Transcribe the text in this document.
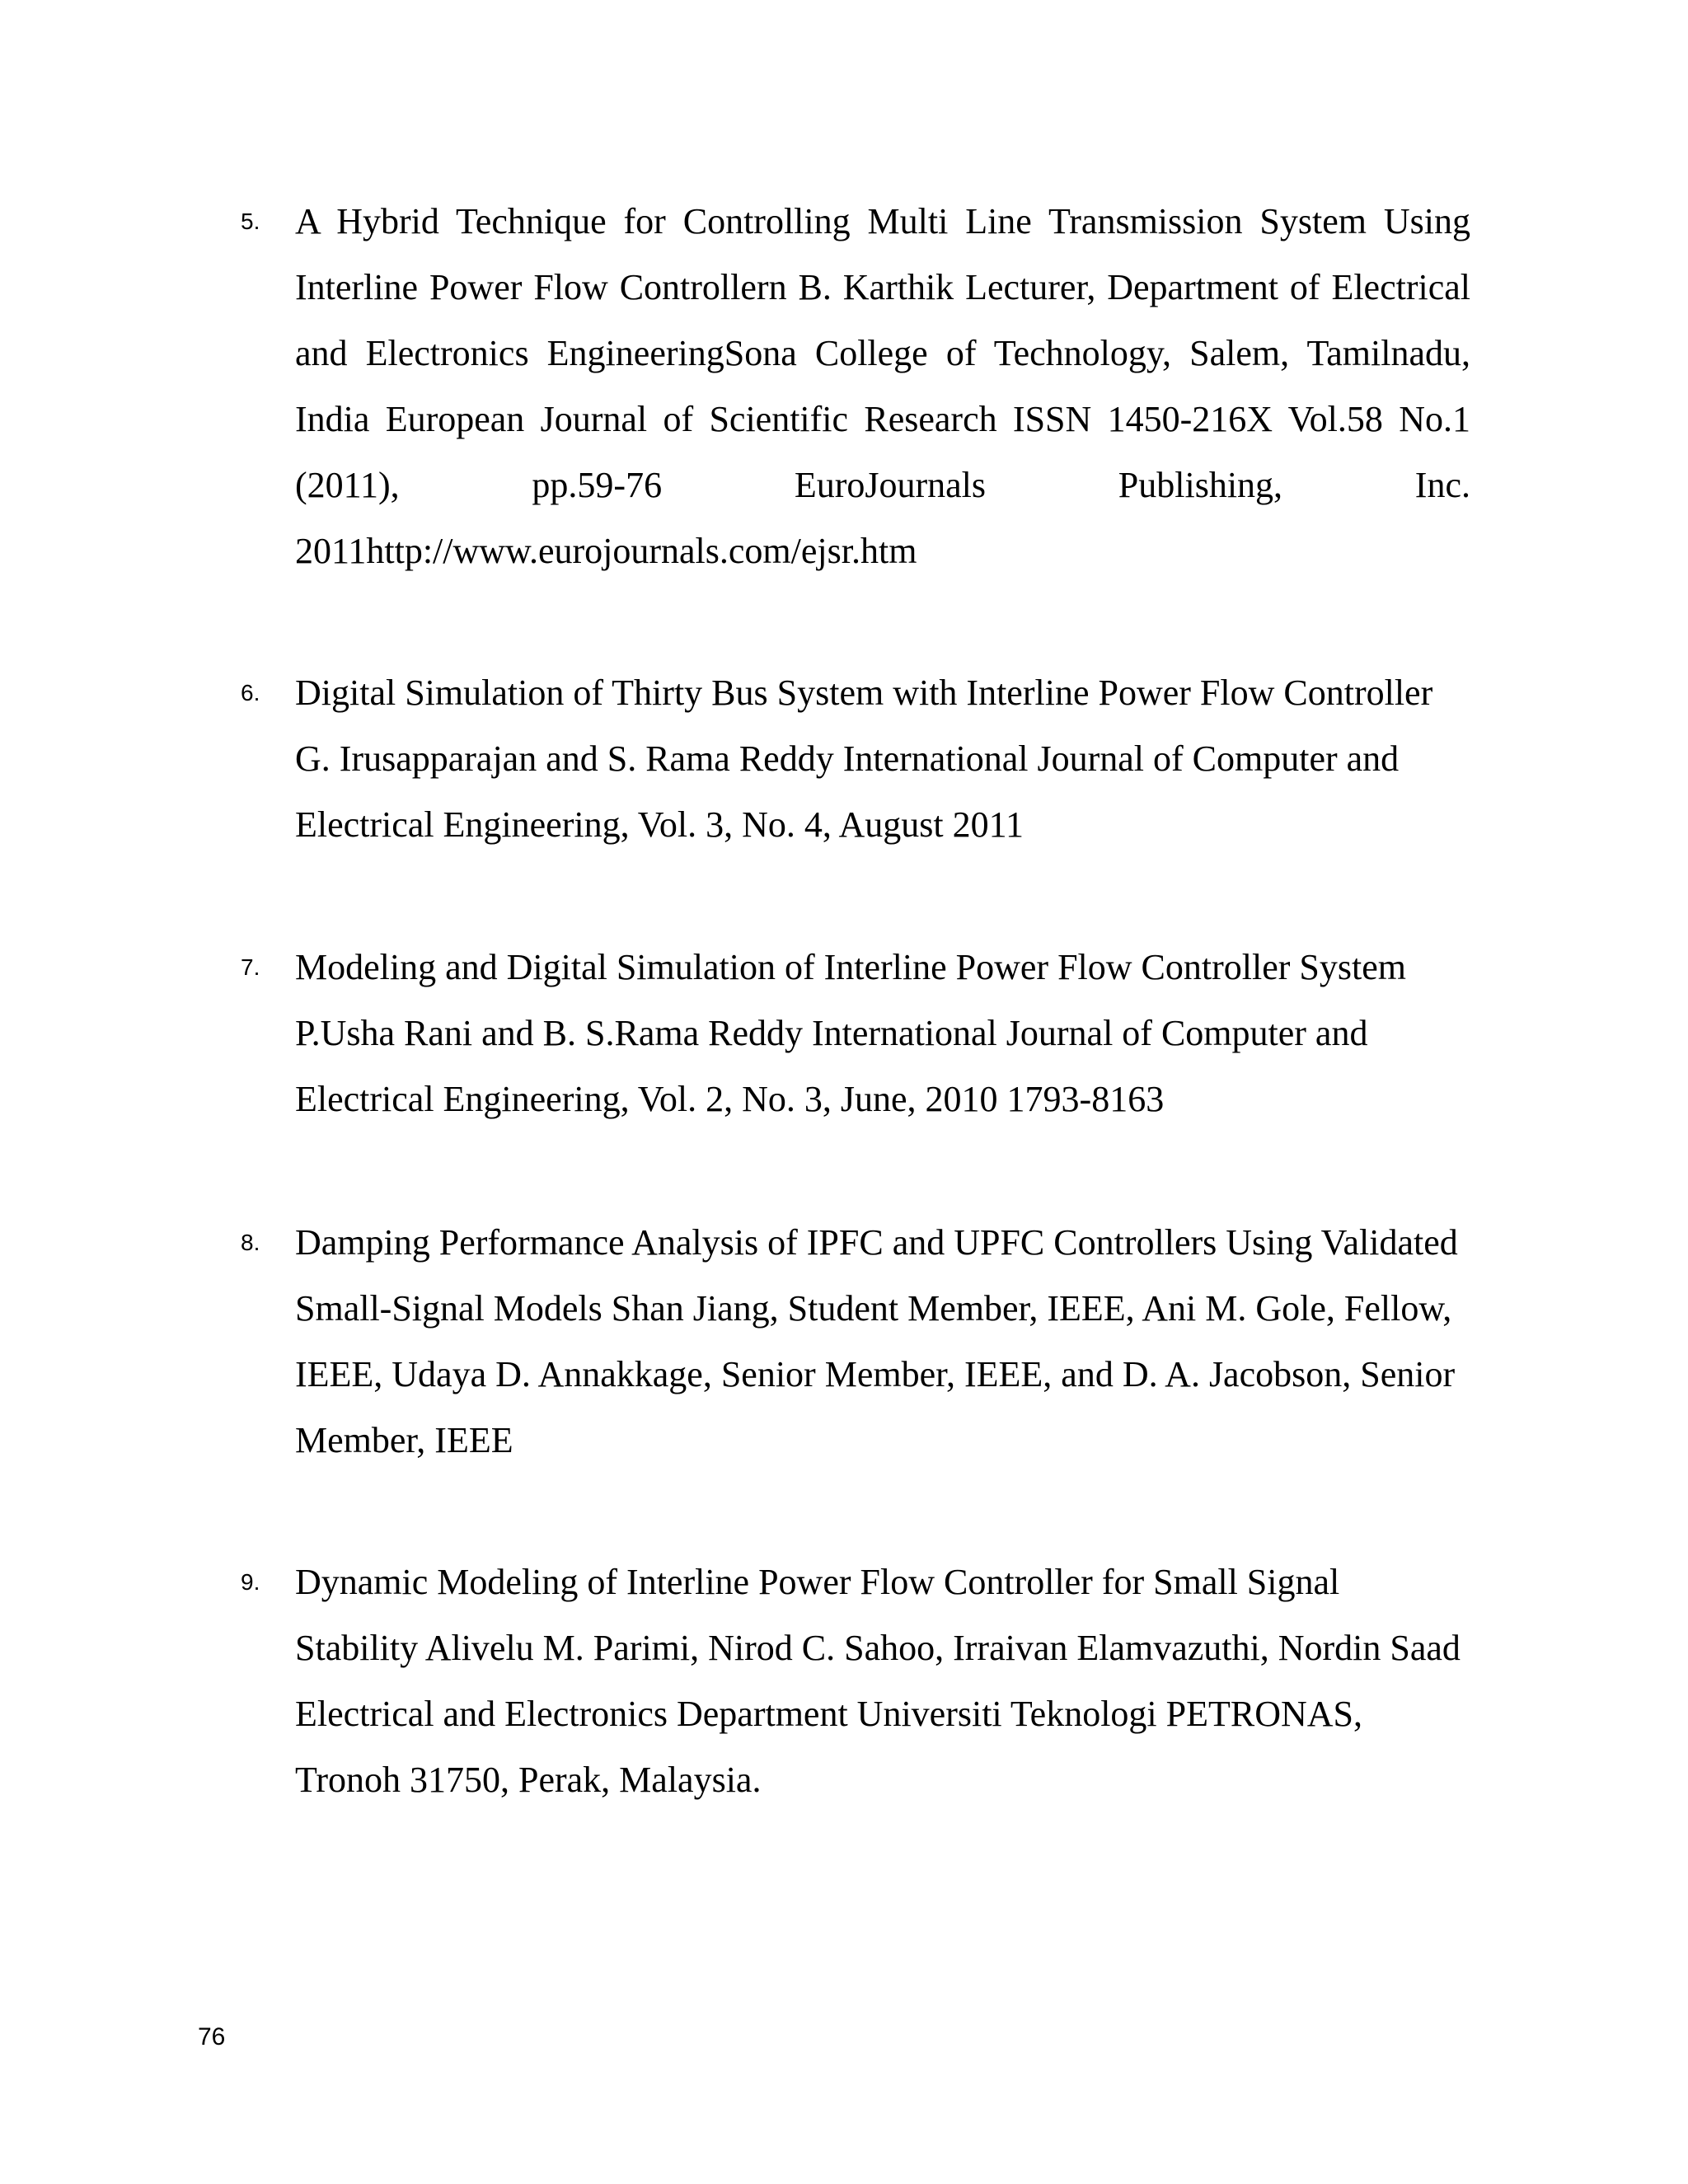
5. A Hybrid Technique for Controlling Multi Line Transmission System Using Interline Power Flow Controllern B. Karthik Lecturer, Department of Electrical and Electronics EngineeringSona College of Technology, Salem, Tamilnadu, India European Journal of Scientific Research ISSN 1450-216X Vol.58 No.1 (2011), pp.59-76 EuroJournals Publishing, Inc. 2011http://www.eurojournals.com/ejsr.htm
6. Digital Simulation of Thirty Bus System with Interline Power Flow Controller G. Irusapparajan and S. Rama Reddy International Journal of Computer and Electrical Engineering, Vol. 3, No. 4, August 2011
7. Modeling and Digital Simulation of Interline Power Flow Controller System P.Usha Rani and B. S.Rama Reddy International Journal of Computer and Electrical Engineering, Vol. 2, No. 3, June, 2010 1793-8163
8. Damping Performance Analysis of IPFC and UPFC Controllers Using Validated Small-Signal Models Shan Jiang, Student Member, IEEE, Ani M. Gole, Fellow, IEEE, Udaya D. Annakkage, Senior Member, IEEE, and D. A. Jacobson, Senior Member, IEEE
9. Dynamic Modeling of Interline Power Flow Controller for Small Signal Stability Alivelu M. Parimi, Nirod C. Sahoo, Irraivan Elamvazuthi, Nordin Saad Electrical and Electronics Department Universiti Teknologi PETRONAS, Tronoh 31750, Perak, Malaysia.
76
